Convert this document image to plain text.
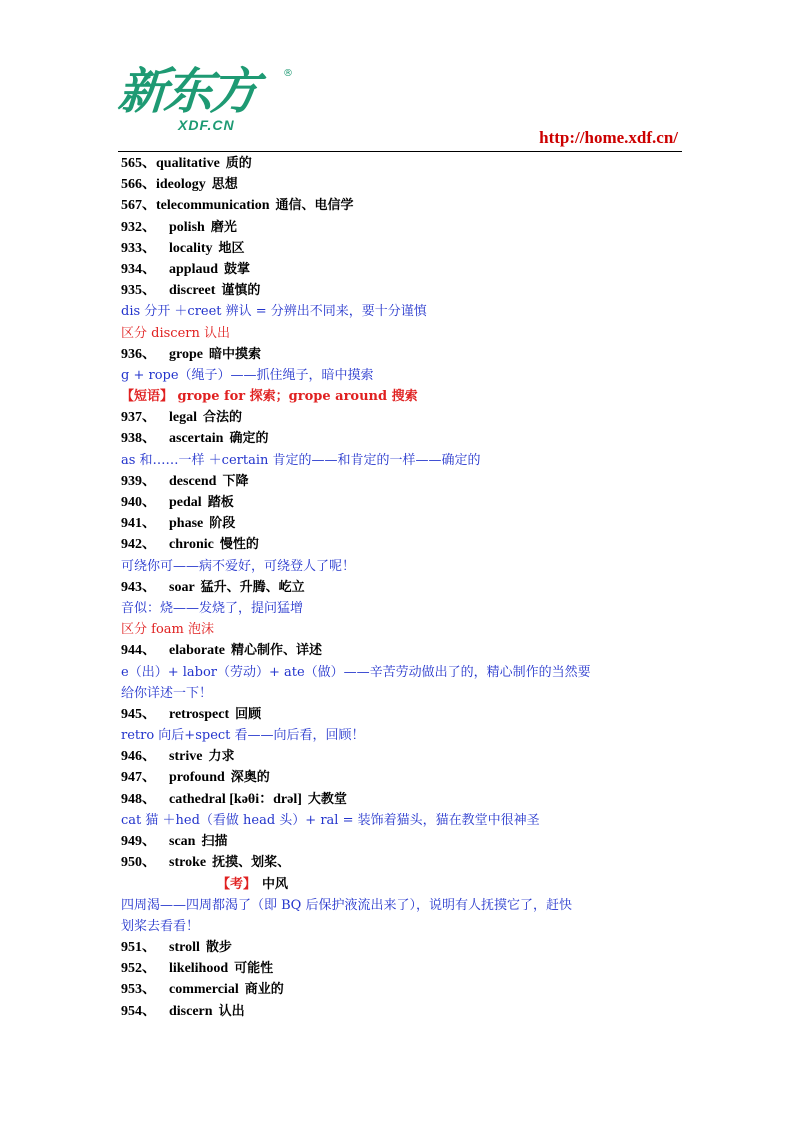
新东方 ®
XDF.CN
http://home.xdf.cn/
565、qualitative 质的
566、ideology 思想
567、telecommunication 通信、电信学
932、 polish 磨光
933、 locality 地区
934、 applaud 鼓掌
935、 discreet 谨慎的
dis 分开 ＋creet 辨认 = 分辨出不同来，要十分谨慎
区分 discern 认出
936、 grope 暗中摸索
g + rope（绳子）——抓住绳子，暗中摸索
【短语】 grope for 探索；grope around 搜索
937、 legal 合法的
938、 ascertain 确定的
as 和……一样 ＋certain 肯定的——和肯定的一样——确定的
939、 descend 下降
940、 pedal 踏板
941、 phase 阶段
942、 chronic 慢性的
可绕你可——病不爱好，可绕登人了呢！
943、 soar 猛升、升腾、屹立
音似：烧——发烧了，提问猛增
区分 foam 泡沫
944、 elaborate 精心制作、详述
e（出）+ labor（劳动）+ ate（做）——辛苦劳动做出了的，精心制作的当然要
给你详述一下！
945、 retrospect 回顾
retro 向后+spect 看——向后看，回顾！
946、 strive 力求
947、 profound 深奥的
948、 cathedral [kəθi：drəl] 大教堂
cat 猫 ＋hed（看做 head 头）+ ral = 装饰着猫头，猫在教堂中很神圣
949、 scan 扫描
950、 stroke 抚摸、划桨、
【考】 中风
四周渴——四周都渴了（即 BQ 后保护液流出来了），说明有人抚摸它了，赶快
划桨去看看！
951、 stroll 散步
952、 likelihood 可能性
953、 commercial 商业的
954、 discern 认出
